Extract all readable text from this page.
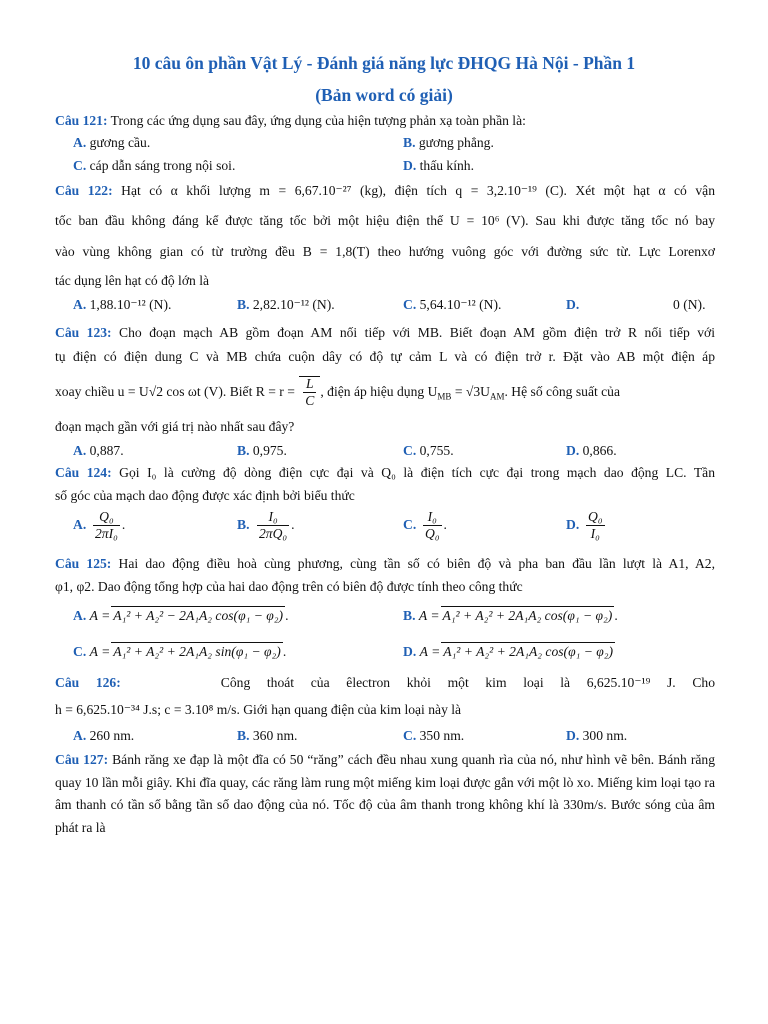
10 câu ôn phần Vật Lý - Đánh giá năng lực ĐHQG Hà Nội - Phần 1
(Bản word có giải)
Câu 121: Trong các ứng dụng sau đây, ứng dụng của hiện tượng phản xạ toàn phần là:
A. gương cầu.	B. gương phẳng.
C. cáp dẫn sáng trong nội soi.	D. thấu kính.
Câu 122: Hạt có α khối lượng m = 6,67.10⁻²⁷ (kg), điện tích q = 3,2.10⁻¹⁹ (C). Xét một hạt α có vận
tốc ban đầu không đáng kể được tăng tốc bởi một hiệu điện thế U = 10⁶ (V). Sau khi được tăng tốc nó bay
vào vùng không gian có từ trường đều B = 1,8(T) theo hướng vuông góc với đường sức từ. Lực Lorenxơ
tác dụng lên hạt có độ lớn là
A. 1,88.10⁻¹² (N).	B. 2,82.10⁻¹² (N).	C. 5,64.10⁻¹² (N).	D.	0 (N).
Câu 123: Cho đoạn mạch AB gồm đoạn AM nối tiếp với MB. Biết đoạn AM gồm điện trở R nối tiếp với
tụ điện có điện dung C và MB chứa cuộn dây có độ tự cảm L và có điện trở r. Đặt vào AB một điện áp
xoay chiều u = U√2 cos ωt (V). Biết $R = r = \frac{L}{C}$ , điện áp hiệu dụng $U_{MB} = √3U_{AM}$. Hệ số công suất của
đoạn mạch gần với giá trị nào nhất sau đây?
A. 0,887.	B. 0,975.	C. 0,755.	D. 0,866.
Câu 124: Gọi I₀ là cường độ dòng điện cực đại và Q₀ là điện tích cực đại trong mạch dao động LC. Tần
số góc của mạch dao động được xác định bởi biểu thức
A. $\frac{\text{Q₀}}{\text{2πI₀}}$ .	B. $\frac{\text{I₀}}{\text{2πQ₀}}$ .	C. $\frac{\text{I₀}}{\text{Q₀}}$ .	D. $\frac{\text{Q₀}}{\text{I₀}}$
Câu 125: Hai dao động điều hoà cùng phương, cùng tần số có biên độ và pha ban đầu lần lượt là A1, A2,
φ1, φ2. Dao động tổng hợp của hai dao động trên có biên độ được tính theo công thức
A. A = A₁² + A₂² − 2A₁A₂ cos(φ₁ − φ₂) .	B. A = A₁² + A₂² + 2A₁A₂ cos(φ₁ − φ₂) .
C. A = A₁² + A₂² + 2A₁A₂ sin(φ₁ − φ₂) .	D. A = A₁² + A₂² + 2A₁A₂ cos(φ₁ − φ₂)
Câu 126:	Công thoát của êlectron khỏi một kim loại là 6,625.10⁻¹⁹ J. Cho
h = 6,625.10⁻³⁴ J.s; c = 3.10⁸ m/s. Giới hạn quang điện của kim loại này là
A. 260 nm.	B. 360 nm.	C. 350 nm.	D. 300 nm.
Câu 127: Bánh răng xe đạp là một đĩa có 50 “răng” cách đều nhau xung quanh rìa của nó, như hình vẽ bên. Bánh răng quay 10 lần mỗi giây. Khi đĩa quay, các răng làm rung một miếng kim loại được gắn với một lò xo. Miếng kim loại tạo ra âm thanh có tần số bằng tần số dao động của nó. Tốc độ của âm thanh trong không khí là 330m/s. Bước sóng của âm phát ra là
